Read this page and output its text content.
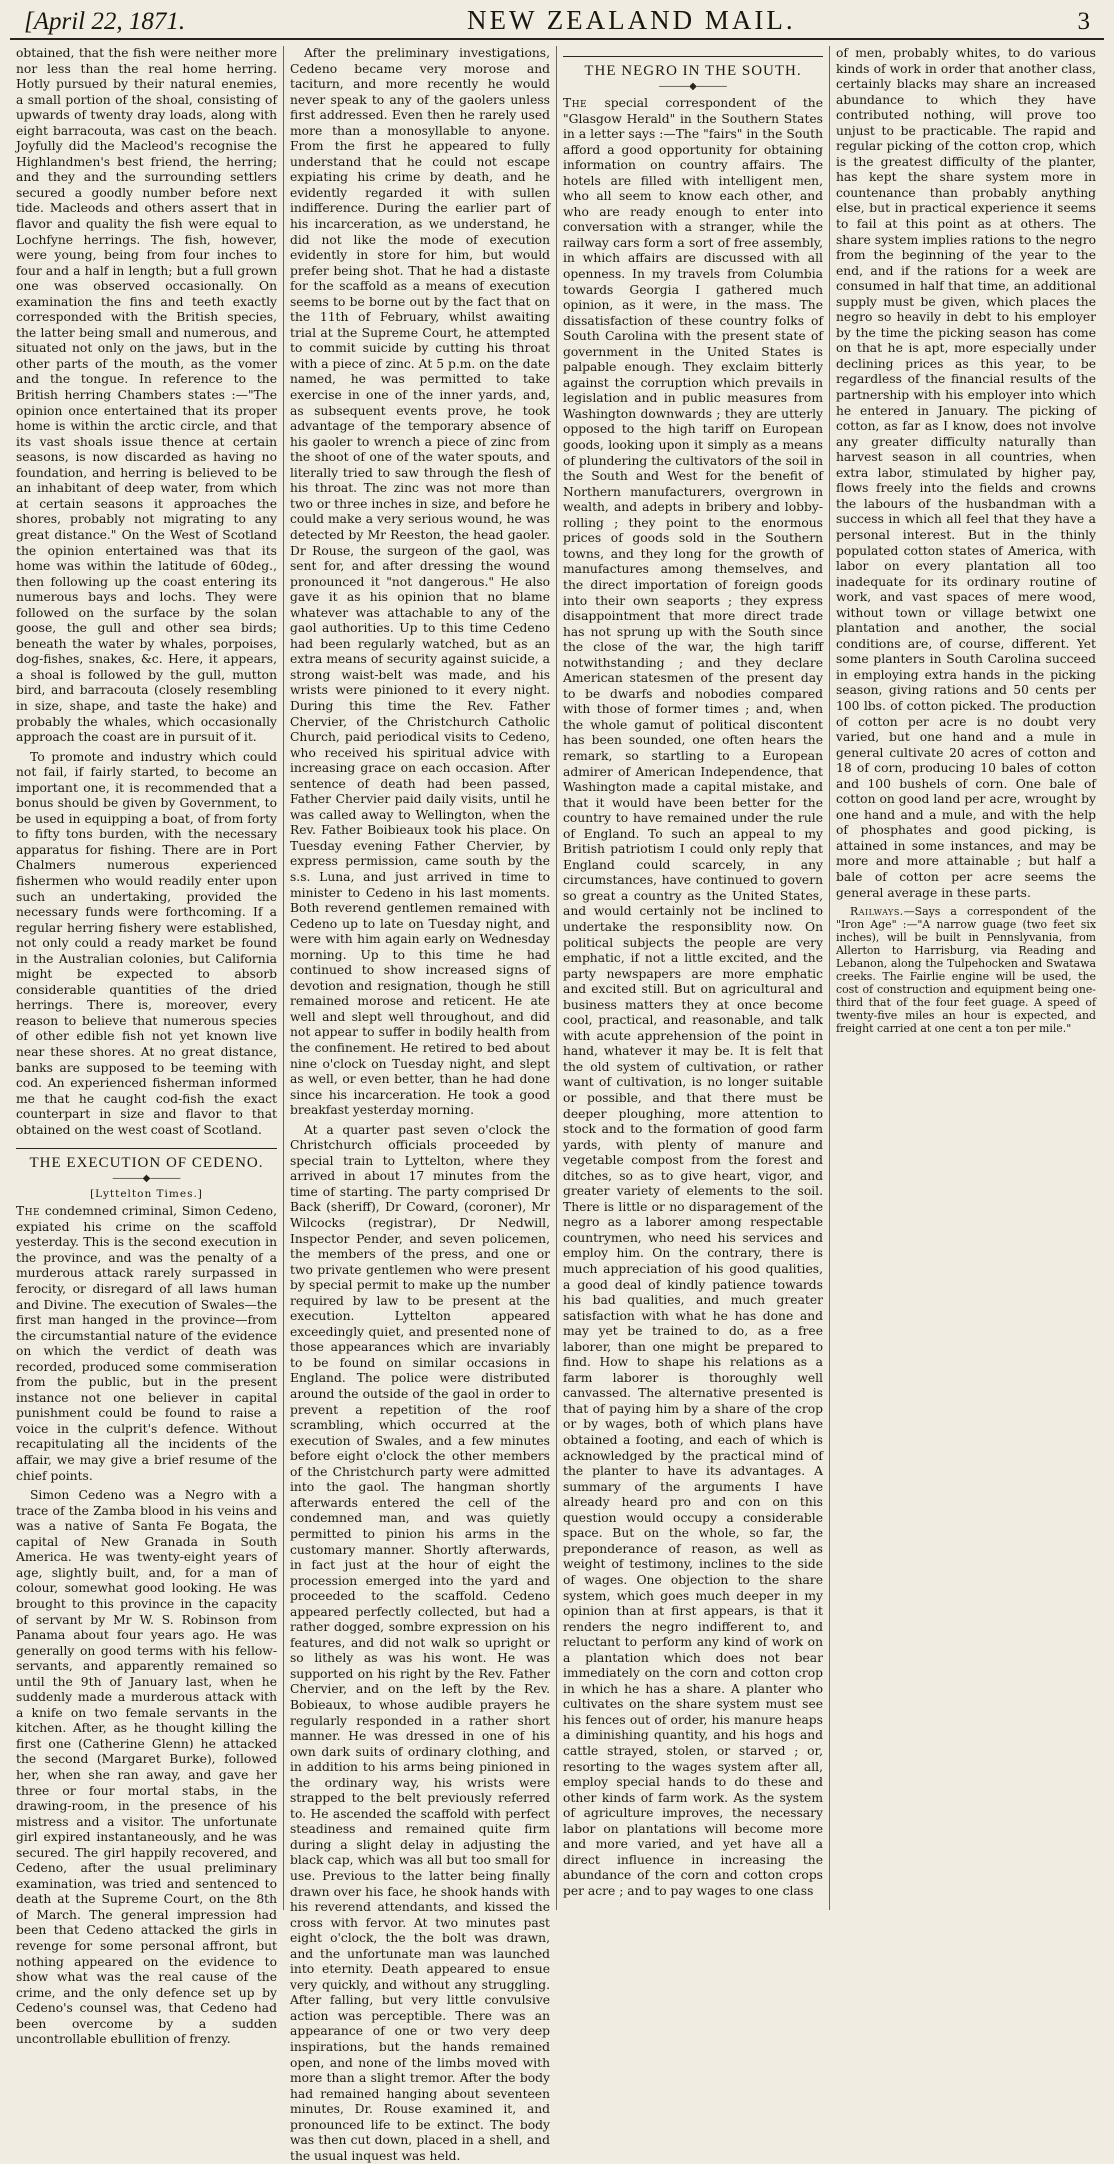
[April 22, 1871.	NEW ZEALAND MAIL.	3

obtained, that the fish were neither more nor less than the real home herring. Hotly pursued by their natural enemies, a small portion of the shoal, consisting of upwards of twenty dray loads, along with eight barracouta, was cast on the beach. Joyfully did the Macleod's recognise the Highlandmen's best friend, the herring; and they and the surrounding settlers secured a goodly number before next tide. Macleods and others assert that in flavor and quality the fish were equal to Lochfyne herrings. The fish, however, were young, being from four inches to four and a half in length; but a full grown one was observed occasionally. On examination the fins and teeth exactly corresponded with the British species, the latter being small and numerous, and situated not only on the jaws, but in the other parts of the mouth, as the vomer and the tongue. In reference to the British herring Chambers states :—"The opinion once entertained that its proper home is within the arctic circle, and that its vast shoals issue thence at certain seasons, is now discarded as having no foundation, and herring is believed to be an inhabitant of deep water, from which at certain seasons it approaches the shores, probably not migrating to any great distance." On the West of Scotland the opinion entertained was that its home was within the latitude of 60deg., then following up the coast entering its numerous bays and lochs. They were followed on the surface by the solan goose, the gull and other sea birds; beneath the water by whales, porpoises, dog-fishes, snakes, &c. Here, it appears, a shoal is followed by the gull, mutton bird, and barracouta (closely resembling in size, shape, and taste the hake) and probably the whales, which occasionally approach the coast are in pursuit of it.

To promote and industry which could not fail, if fairly started, to become an important one, it is recommended that a bonus should be given by Government, to be used in equipping a boat, of from forty to fifty tons burden, with the necessary apparatus for fishing. There are in Port Chalmers numerous experienced fishermen who would readily enter upon such an undertaking, provided the necessary funds were forthcoming. If a regular herring fishery were established, not only could a ready market be found in the Australian colonies, but California might be expected to absorb considerable quantities of the dried herrings. There is, moreover, every reason to believe that numerous species of other edible fish not yet known live near these shores. At no great distance, banks are supposed to be teeming with cod. An experienced fisherman informed me that he caught cod-fish the exact counterpart in size and flavor to that obtained on the west coast of Scotland.

THE EXECUTION OF CEDENO.
―――◆―――
[Lyttelton Times.]

The condemned criminal, Simon Cedeno, expiated his crime on the scaffold yesterday. This is the second execution in the province, and was the penalty of a murderous attack rarely surpassed in ferocity, or disregard of all laws human and Divine. The execution of Swales—the first man hanged in the province—from the circumstantial nature of the evidence on which the verdict of death was recorded, produced some commiseration from the public, but in the present instance not one believer in capital punishment could be found to raise a voice in the culprit's defence. Without recapitulating all the incidents of the affair, we may give a brief resume of the chief points.

Simon Cedeno was a Negro with a trace of the Zamba blood in his veins and was a native of Santa Fe Bogata, the capital of New Granada in South America. He was twenty-eight years of age, slightly built, and, for a man of colour, somewhat good looking. He was brought to this province in the capacity of servant by Mr W. S. Robinson from Panama about four years ago. He was generally on good terms with his fellow-servants, and apparently remained so until the 9th of January last, when he suddenly made a murderous attack with a knife on two female servants in the kitchen. After, as he thought killing the first one (Catherine Glenn) he attacked the second (Margaret Burke), followed her, when she ran away, and gave her three or four mortal stabs, in the drawing-room, in the presence of his mistress and a visitor. The unfortunate girl expired instantaneously, and he was secured. The girl happily recovered, and Cedeno, after the usual preliminary examination, was tried and sentenced to death at the Supreme Court, on the 8th of March. The general impression had been that Cedeno attacked the girls in revenge for some personal affront, but nothing appeared on the evidence to show what was the real cause of the crime, and the only defence set up by Cedeno's counsel was, that Cedeno had been overcome by a sudden uncontrollable ebullition of frenzy.

After the preliminary investigations, Cedeno became very morose and taciturn, and more recently he would never speak to any of the gaolers unless first addressed. Even then he rarely used more than a monosyllable to anyone. From the first he appeared to fully understand that he could not escape expiating his crime by death, and he evidently regarded it with sullen indifference. During the earlier part of his incarceration, as we understand, he did not like the mode of execution evidently in store for him, but would prefer being shot. That he had a distaste for the scaffold as a means of execution seems to be borne out by the fact that on the 11th of February, whilst awaiting trial at the Supreme Court, he attempted to commit suicide by cutting his throat with a piece of zinc. At 5 p.m. on the date named, he was permitted to take exercise in one of the inner yards, and, as subsequent events prove, he took advantage of the temporary absence of his gaoler to wrench a piece of zinc from the shoot of one of the water spouts, and literally tried to saw through the flesh of his throat. The zinc was not more than two or three inches in size, and before he could make a very serious wound, he was detected by Mr Reeston, the head gaoler. Dr Rouse, the surgeon of the gaol, was sent for, and after dressing the wound pronounced it "not dangerous." He also gave it as his opinion that no blame whatever was attachable to any of the gaol authorities. Up to this time Cedeno had been regularly watched, but as an extra means of security against suicide, a strong waist-belt was made, and his wrists were pinioned to it every night. During this time the Rev. Father Chervier, of the Christchurch Catholic Church, paid periodical visits to Cedeno, who received his spiritual advice with increasing grace on each occasion. After sentence of death had been passed, Father Chervier paid daily visits, until he was called away to Wellington, when the Rev. Father Boibieaux took his place. On Tuesday evening Father Chervier, by express permission, came south by the s.s. Luna, and just arrived in time to minister to Cedeno in his last moments. Both reverend gentlemen remained with Cedeno up to late on Tuesday night, and were with him again early on Wednesday morning. Up to this time he had continued to show increased signs of devotion and resignation, though he still remained morose and reticent. He ate well and slept well throughout, and did not appear to suffer in bodily health from the confinement. He retired to bed about nine o'clock on Tuesday night, and slept as well, or even better, than he had done since his incarceration. He took a good breakfast yesterday morning.

At a quarter past seven o'clock the Christchurch officials proceeded by special train to Lyttelton, where they arrived in about 17 minutes from the time of starting. The party comprised Dr Back (sheriff), Dr Coward, (coroner), Mr Wilcocks (registrar), Dr Nedwill, Inspector Pender, and seven policemen, the members of the press, and one or two private gentlemen who were present by special permit to make up the number required by law to be present at the execution. Lyttelton appeared exceedingly quiet, and presented none of those appearances which are invariably to be found on similar occasions in England. The police were distributed around the outside of the gaol in order to prevent a repetition of the roof scrambling, which occurred at the execution of Swales, and a few minutes before eight o'clock the other members of the Christchurch party were admitted into the gaol. The hangman shortly afterwards entered the cell of the condemned man, and was quietly permitted to pinion his arms in the customary manner. Shortly afterwards, in fact just at the hour of eight the procession emerged into the yard and proceeded to the scaffold. Cedeno appeared perfectly collected, but had a rather dogged, sombre expression on his features, and did not walk so upright or so lithely as was his wont. He was supported on his right by the Rev. Father Chervier, and on the left by the Rev. Bobieaux, to whose audible prayers he regularly responded in a rather short manner. He was dressed in one of his own dark suits of ordinary clothing, and in addition to his arms being pinioned in the ordinary way, his wrists were strapped to the belt previously referred to. He ascended the scaffold with perfect steadiness and remained quite firm during a slight delay in adjusting the black cap, which was all but too small for use. Previous to the latter being finally drawn over his face, he shook hands with his reverend attendants, and kissed the cross with fervor. At two minutes past eight o'clock, the the bolt was drawn, and the unfortunate man was launched into eternity. Death appeared to ensue very quickly, and without any struggling. After falling, but very little convulsive action was perceptible. There was an appearance of one or two very deep inspirations, but the hands remained open, and none of the limbs moved with more than a slight tremor. After the body had remained hanging about seventeen minutes, Dr. Rouse examined it, and pronounced life to be extinct. The body was then cut down, placed in a shell, and the usual inquest was held.

THE NEGRO IN THE SOUTH.
―――◆―――

The special correspondent of the "Glasgow Herald" in the Southern States in a letter says :—The "fairs" in the South afford a good opportunity for obtaining information on country affairs. The hotels are filled with intelligent men, who all seem to know each other, and who are ready enough to enter into conversation with a stranger, while the railway cars form a sort of free assembly, in which affairs are discussed with all openness. In my travels from Columbia towards Georgia I gathered much opinion, as it were, in the mass. The dissatisfaction of these country folks of South Carolina with the present state of government in the United States is palpable enough. They exclaim bitterly against the corruption which prevails in legislation and in public measures from Washington downwards ; they are utterly opposed to the high tariff on European goods, looking upon it simply as a means of plundering the cultivators of the soil in the South and West for the benefit of Northern manufacturers, overgrown in wealth, and adepts in bribery and lobby-rolling ; they point to the enormous prices of goods sold in the Southern towns, and they long for the growth of manufactures among themselves, and the direct importation of foreign goods into their own seaports ; they express disappointment that more direct trade has not sprung up with the South since the close of the war, the high tariff notwithstanding ; and they declare American statesmen of the present day to be dwarfs and nobodies compared with those of former times ; and, when the whole gamut of political discontent has been sounded, one often hears the remark, so startling to a European admirer of American Independence, that Washington made a capital mistake, and that it would have been better for the country to have remained under the rule of England. To such an appeal to my British patriotism I could only reply that England could scarcely, in any circumstances, have continued to govern so great a country as the United States, and would certainly not be inclined to undertake the responsiblity now. On political subjects the people are very emphatic, if not a little excited, and the party newspapers are more emphatic and excited still. But on agricultural and business matters they at once become cool, practical, and reasonable, and talk with acute apprehension of the point in hand, whatever it may be. It is felt that the old system of cultivation, or rather want of cultivation, is no longer suitable or possible, and that there must be deeper ploughing, more attention to stock and to the formation of good farm yards, with plenty of manure and vegetable compost from the forest and ditches, so as to give heart, vigor, and greater variety of elements to the soil. There is little or no disparagement of the negro as a laborer among respectable countrymen, who need his services and employ him. On the contrary, there is much appreciation of his good qualities, a good deal of kindly patience towards his bad qualities, and much greater satisfaction with what he has done and may yet be trained to do, as a free laborer, than one might be prepared to find. How to shape his relations as a farm laborer is thoroughly well canvassed. The alternative presented is that of paying him by a share of the crop or by wages, both of which plans have obtained a footing, and each of which is acknowledged by the practical mind of the planter to have its advantages. A summary of the arguments I have already heard pro and con on this question would occupy a considerable space. But on the whole, so far, the preponderance of reason, as well as weight of testimony, inclines to the side of wages. One objection to the share system, which goes much deeper in my opinion than at first appears, is that it renders the negro indifferent to, and reluctant to perform any kind of work on a plantation which does not bear immediately on the corn and cotton crop in which he has a share. A planter who cultivates on the share system must see his fences out of order, his manure heaps a diminishing quantity, and his hogs and cattle strayed, stolen, or starved ; or, resorting to the wages system after all, employ special hands to do these and other kinds of farm work. As the system of agriculture improves, the necessary labor on plantations will become more and more varied, and yet have all a direct influence in increasing the abundance of the corn and cotton crops per acre ; and to pay wages to one class

of men, probably whites, to do various kinds of work in order that another class, certainly blacks may share an increased abundance to which they have contributed nothing, will prove too unjust to be practicable. The rapid and regular picking of the cotton crop, which is the greatest difficulty of the planter, has kept the share system more in countenance than probably anything else, but in practical experience it seems to fail at this point as at others. The share system implies rations to the negro from the beginning of the year to the end, and if the rations for a week are consumed in half that time, an additional supply must be given, which places the negro so heavily in debt to his employer by the time the picking season has come on that he is apt, more especially under declining prices as this year, to be regardless of the financial results of the partnership with his employer into which he entered in January. The picking of cotton, as far as I know, does not involve any greater difficulty naturally than harvest season in all countries, when extra labor, stimulated by higher pay, flows freely into the fields and crowns the labours of the husbandman with a success in which all feel that they have a personal interest. But in the thinly populated cotton states of America, with labor on every plantation all too inadequate for its ordinary routine of work, and vast spaces of mere wood, without town or village betwixt one plantation and another, the social conditions are, of course, different. Yet some planters in South Carolina succeed in employing extra hands in the picking season, giving rations and 50 cents per 100 lbs. of cotton picked. The production of cotton per acre is no doubt very varied, but one hand and a mule in general cultivate 20 acres of cotton and 18 of corn, producing 10 bales of cotton and 100 bushels of corn. One bale of cotton on good land per acre, wrought by one hand and a mule, and with the help of phosphates and good picking, is attained in some instances, and may be more and more attainable ; but half a bale of cotton per acre seems the general average in these parts.

Railways.—Says a correspondent of the "Iron Age" :—"A narrow guage (two feet six inches), will be built in Pennslyvania, from Allerton to Harrisburg, via Reading and Lebanon, along the Tulpehocken and Swatawa creeks. The Fairlie engine will be used, the cost of construction and equipment being one-third that of the four feet guage. A speed of twenty-five miles an hour is expected, and freight carried at one cent a ton per mile."
